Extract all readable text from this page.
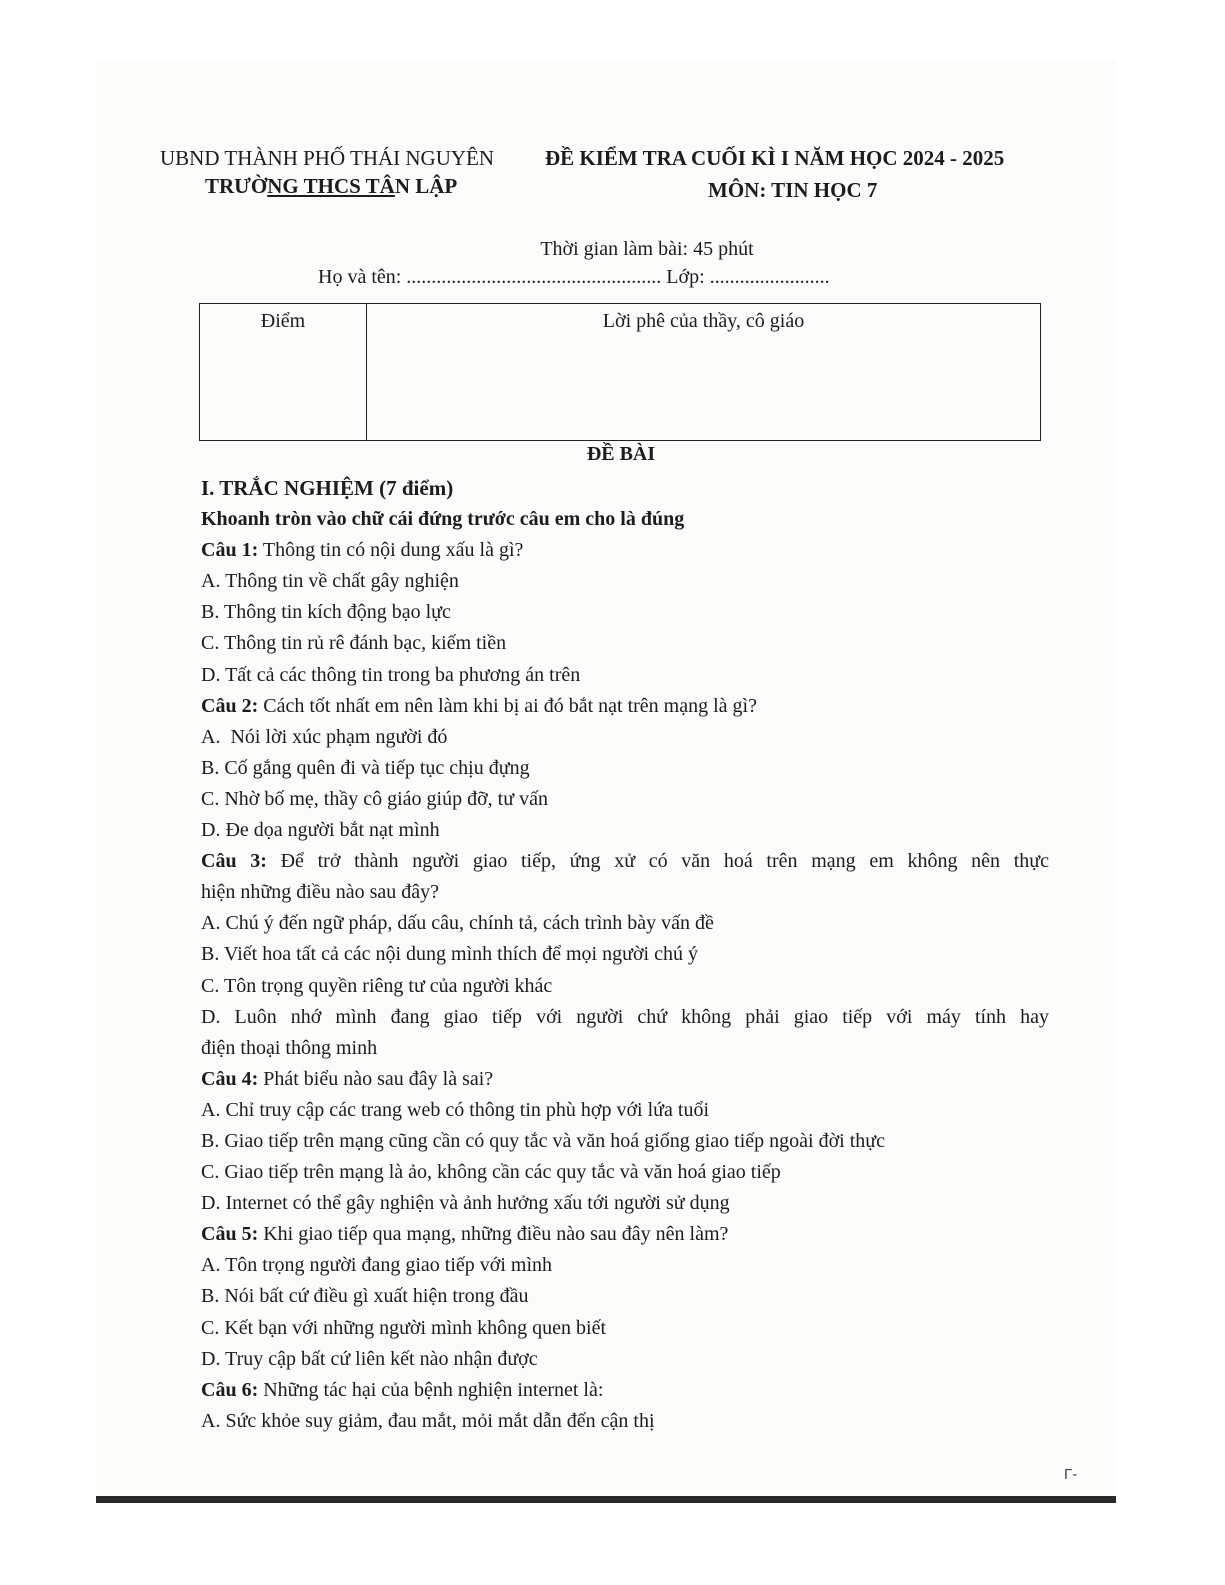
UBND THÀNH PHỐ THÁI NGUYÊN
TRƯỜNG THCS TÂN LẬP
ĐỀ KIỂM TRA CUỐI KÌ I NĂM HỌC 2024 - 2025
MÔN: TIN HỌC 7
Thời gian làm bài: 45 phút
Họ và tên: ................................................... Lớp: ........................
Điểm	Lời phê của thầy, cô giáo
ĐỀ BÀI

I. TRẮC NGHIỆM (7 điểm)

Khoanh tròn vào chữ cái đứng trước câu em cho là đúng

Câu 1: Thông tin có nội dung xấu là gì?

A. Thông tin về chất gây nghiện

B. Thông tin kích động bạo lực

C. Thông tin rủ rê đánh bạc, kiếm tiền

D. Tất cả các thông tin trong ba phương án trên

Câu 2: Cách tốt nhất em nên làm khi bị ai đó bắt nạt trên mạng là gì?

A.  Nói lời xúc phạm người đó

B. Cố gắng quên đi và tiếp tục chịu đựng

C. Nhờ bố mẹ, thầy cô giáo giúp đỡ, tư vấn

D. Đe dọa người bắt nạt mình

Câu 3: Để trở thành người giao tiếp, ứng xử có văn hoá trên mạng em không nên thực

hiện những điều nào sau đây?

A. Chú ý đến ngữ pháp, dấu câu, chính tả, cách trình bày vấn đề

B. Viết hoa tất cả các nội dung mình thích để mọi người chú ý

C. Tôn trọng quyền riêng tư của người khác

D. Luôn nhớ mình đang giao tiếp với người chứ không phải giao tiếp với máy tính hay

điện thoại thông minh

Câu 4: Phát biểu nào sau đây là sai?

A. Chỉ truy cập các trang web có thông tin phù hợp với lứa tuổi

B. Giao tiếp trên mạng cũng cần có quy tắc và văn hoá giống giao tiếp ngoài đời thực

C. Giao tiếp trên mạng là ảo, không cần các quy tắc và văn hoá giao tiếp

D. Internet có thể gây nghiện và ảnh hưởng xấu tới người sử dụng

Câu 5: Khi giao tiếp qua mạng, những điều nào sau đây nên làm?

A. Tôn trọng người đang giao tiếp với mình

B. Nói bất cứ điều gì xuất hiện trong đầu

C. Kết bạn với những người mình không quen biết

D. Truy cập bất cứ liên kết nào nhận được

Câu 6: Những tác hại của bệnh nghiện internet là:

A. Sức khỏe suy giảm, đau mắt, mỏi mắt dẫn đến cận thị

Γ-
